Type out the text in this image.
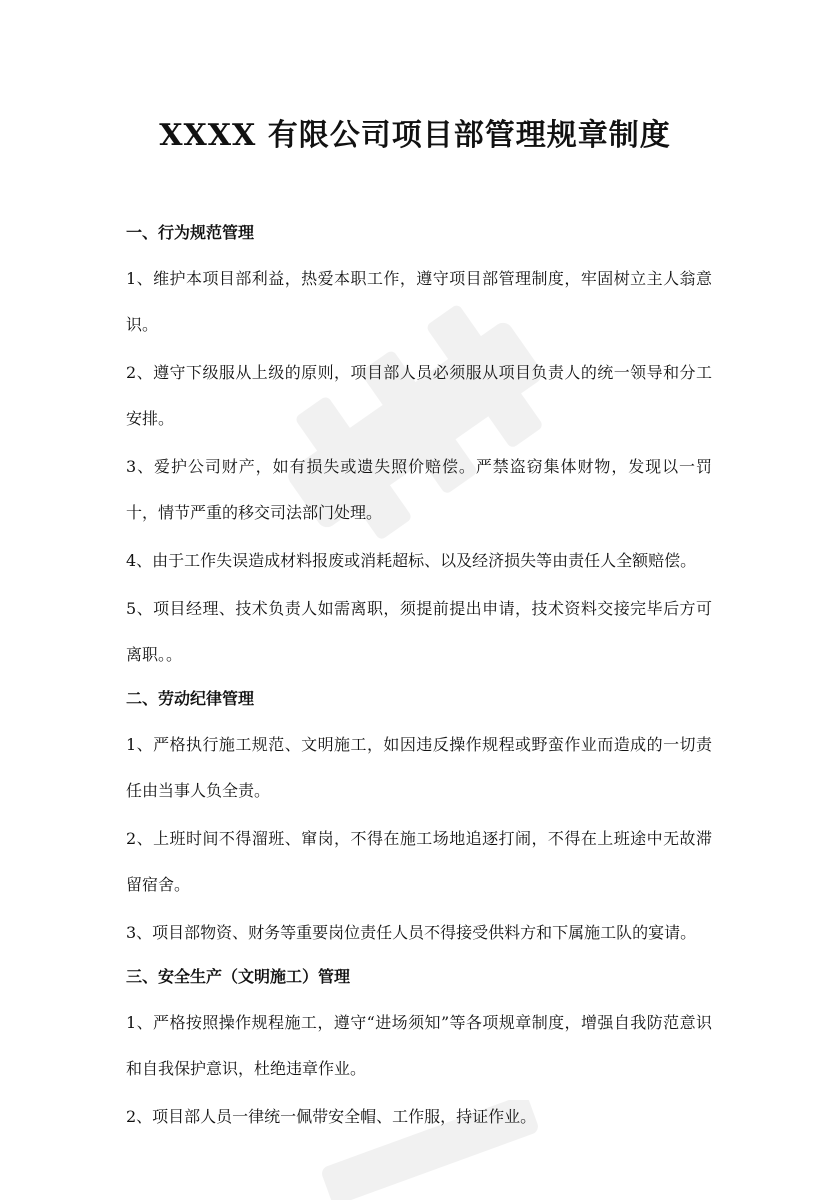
XXXX 有限公司项目部管理规章制度
一、行为规范管理

1、维护本项目部利益，热爱本职工作，遵守项目部管理制度，牢固树立主人翁意识。

2、遵守下级服从上级的原则，项目部人员必须服从项目负责人的统一领导和分工安排。

3、爱护公司财产，如有损失或遗失照价赔偿。严禁盗窃集体财物，发现以一罚十，情节严重的移交司法部门处理。

4、由于工作失误造成材料报废或消耗超标、以及经济损失等由责任人全额赔偿。

5、项目经理、技术负责人如需离职，须提前提出申请，技术资料交接完毕后方可离职。。

二、劳动纪律管理

1、严格执行施工规范、文明施工，如因违反操作规程或野蛮作业而造成的一切责任由当事人负全责。

2、上班时间不得溜班、窜岗，不得在施工场地追逐打闹，不得在上班途中无故滞留宿舍。

3、项目部物资、财务等重要岗位责任人员不得接受供料方和下属施工队的宴请。

三、安全生产（文明施工）管理

1、严格按照操作规程施工，遵守“进场须知”等各项规章制度，增强自我防范意识和自我保护意识，杜绝违章作业。

2、项目部人员一律统一佩带安全帽、工作服，持证作业。
